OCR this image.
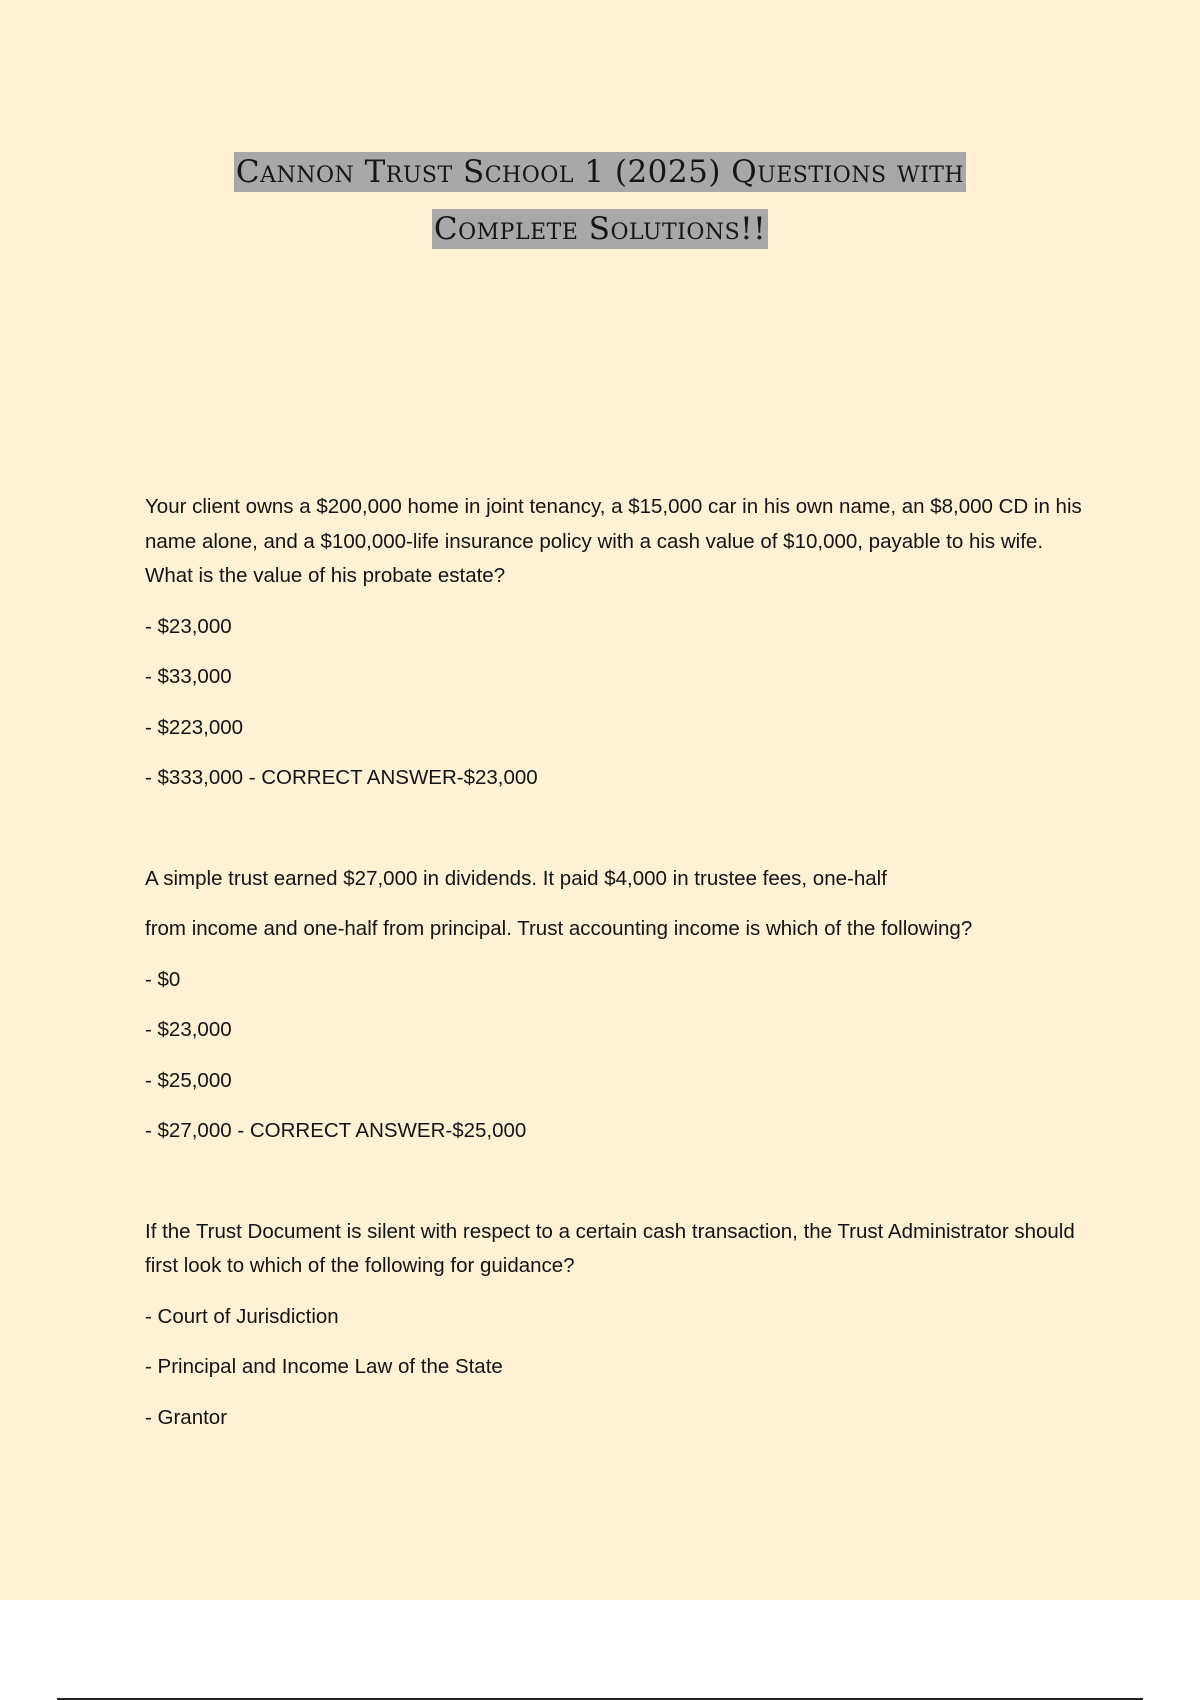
Cannon Trust School 1 (2025) Questions with
Complete Solutions!!
Your client owns a $200,000 home in joint tenancy, a $15,000 car in his own name, an $8,000 CD in his name alone, and a $100,000-life insurance policy with a cash value of $10,000, payable to his wife. What is the value of his probate estate?
- $23,000
- $33,000
- $223,000
- $333,000 - CORRECT ANSWER-$23,000
A simple trust earned $27,000 in dividends. It paid $4,000 in trustee fees, one-half
from income and one-half from principal. Trust accounting income is which of the following?
- $0
- $23,000
- $25,000
- $27,000 - CORRECT ANSWER-$25,000
If the Trust Document is silent with respect to a certain cash transaction, the Trust Administrator should first look to which of the following for guidance?
- Court of Jurisdiction
- Principal and Income Law of the State
- Grantor
